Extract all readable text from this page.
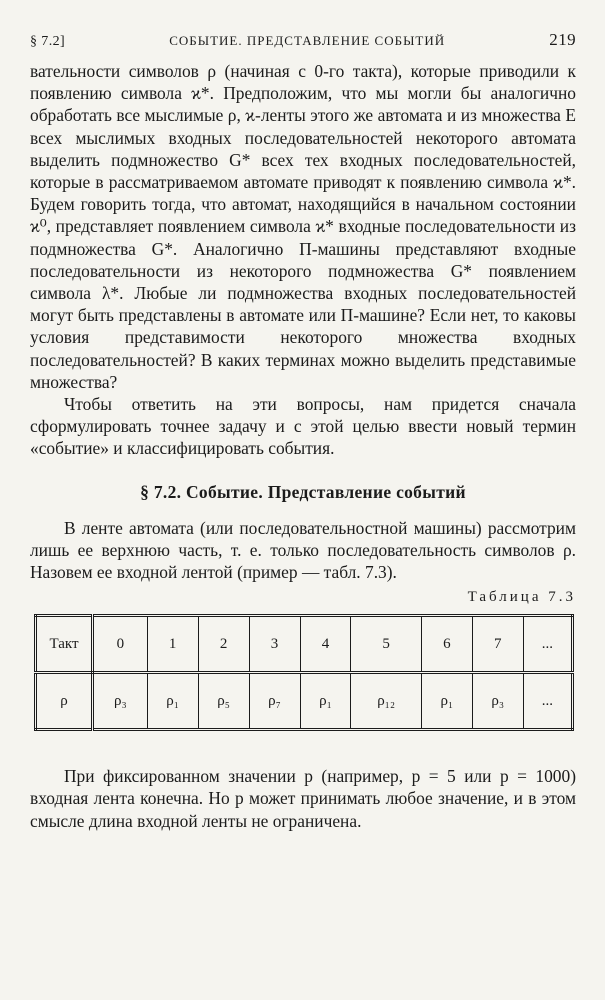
§ 7.2]	СОБЫТИЕ. ПРЕДСТАВЛЕНИЕ СОБЫТИЙ	219

вательности символов ρ (начиная с 0-го такта), которые приводили к появлению символа ϰ*. Предположим, что мы могли бы аналогично обработать все мыслимые ρ, ϰ-ленты этого же автомата и из множества E всех мыслимых входных последовательностей некоторого автомата выделить подмножество G* всех тех входных последовательностей, которые в рассматриваемом автомате приводят к появлению символа ϰ*. Будем говорить тогда, что автомат, находящийся в начальном состоянии ϰ⁰, представляет появлением символа ϰ* входные последовательности из подмножества G*. Аналогично П-машины представляют входные последовательности из некоторого подмножества G* появлением символа λ*. Любые ли подмножества входных последовательностей могут быть представлены в автомате или П-машине? Если нет, то каковы условия представимости некоторого множества входных последовательностей? В каких терминах можно выделить представимые множества?

Чтобы ответить на эти вопросы, нам придется сначала сформулировать точнее задачу и с этой целью ввести новый термин «событие» и классифицировать события.

§ 7.2. Событие. Представление событий

В ленте автомата (или последовательностной машины) рассмотрим лишь ее верхнюю часть, т. е. только последовательность символов ρ. Назовем ее входной лентой (пример — табл. 7.3).

Таблица 7.3
Такт	0	1	2	3	4	5	6	7	...
ρ	ρ₃	ρ₁	ρ₅	ρ₇	ρ₁	ρ₁₂	ρ₁	ρ₃	...

При фиксированном значении p (например, p = 5 или p = 1000) входная лента конечна. Но p может принимать любое значение, и в этом смысле длина входной ленты не ограничена.
